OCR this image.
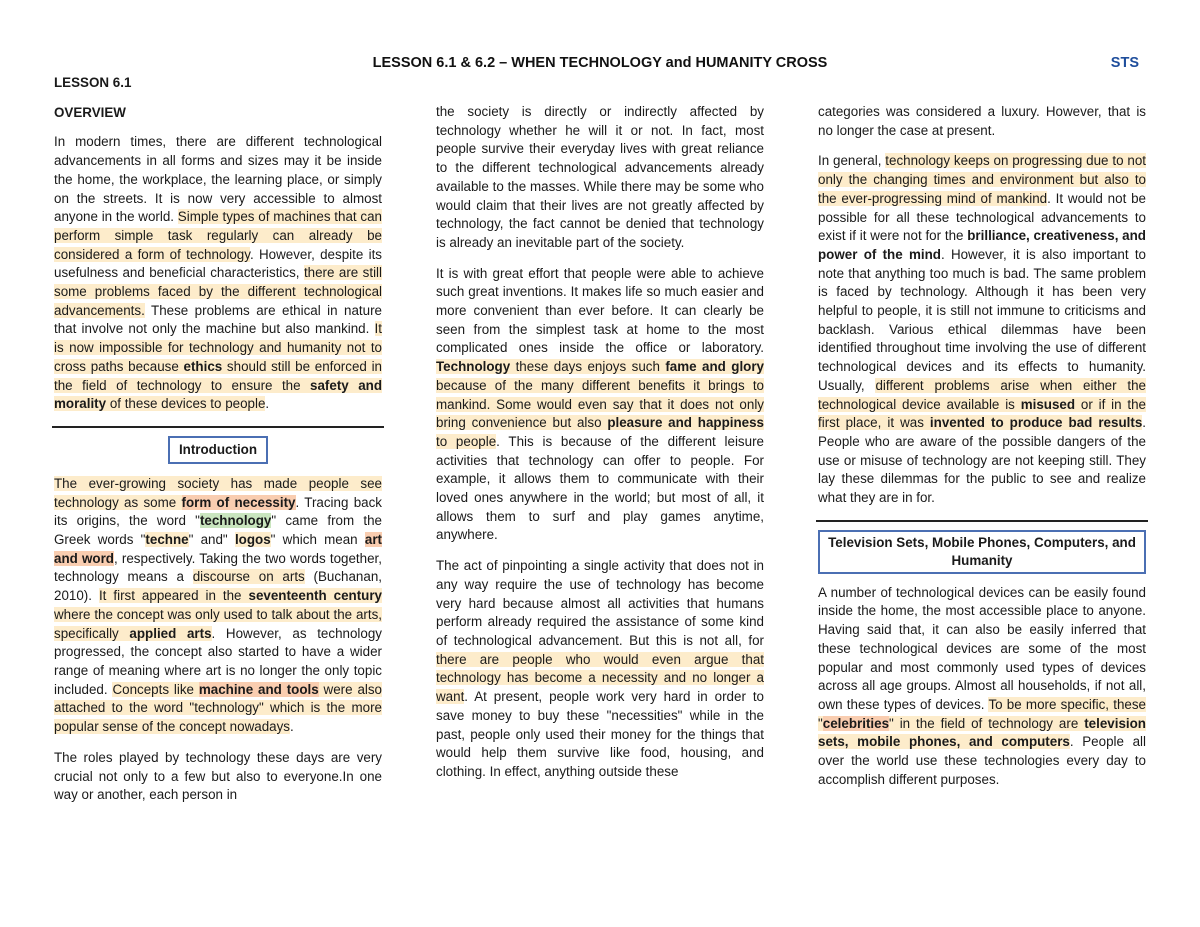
LESSON 6.1 & 6.2 – WHEN TECHNOLOGY and HUMANITY CROSS	STS
LESSON 6.1
OVERVIEW

In modern times, there are different technological advancements in all forms and sizes may it be inside the home, the workplace, the learning place, or simply on the streets. It is now very accessible to almost anyone in the world. Simple types of machines that can perform simple task regularly can already be considered a form of technology. However, despite its usefulness and beneficial characteristics, there are still some problems faced by the different technological advancements. These problems are ethical in nature that involve not only the machine but also mankind. It is now impossible for technology and humanity not to cross paths because ethics should still be enforced in the field of technology to ensure the safety and morality of these devices to people.

Introduction

The ever-growing society has made people see technology as some form of necessity. Tracing back its origins, the word "technology" came from the Greek words "techne" and" logos" which mean art and word, respectively. Taking the two words together, technology means a discourse on arts (Buchanan, 2010). It first appeared in the seventeenth century where the concept was only used to talk about the arts, specifically applied arts. However, as technology progressed, the concept also started to have a wider range of meaning where art is no longer the only topic included. Concepts like machine and tools were also attached to the word "technology" which is the more popular sense of the concept nowadays.

The roles played by technology these days are very crucial not only to a few but also to everyone.In one way or another, each person in

the society is directly or indirectly affected by technology whether he will it or not. In fact, most people survive their everyday lives with great reliance to the different technological advancements already available to the masses. While there may be some who would claim that their lives are not greatly affected by technology, the fact cannot be denied that technology is already an inevitable part of the society.

It is with great effort that people were able to achieve such great inventions. It makes life so much easier and more convenient than ever before. It can clearly be seen from the simplest task at home to the most complicated ones inside the office or laboratory. Technology these days enjoys such fame and glory because of the many different benefits it brings to mankind. Some would even say that it does not only bring convenience but also pleasure and happiness to people. This is because of the different leisure activities that technology can offer to people. For example, it allows them to communicate with their loved ones anywhere in the world; but most of all, it allows them to surf and play games anytime, anywhere.

The act of pinpointing a single activity that does not in any way require the use of technology has become very hard because almost all activities that humans perform already required the assistance of some kind of technological advancement. But this is not all, for there are people who would even argue that technology has become a necessity and no longer a want. At present, people work very hard in order to save money to buy these "necessities" while in the past, people only used their money for the things that would help them survive like food, housing, and clothing. In effect, anything outside these

categories was considered a luxury. However, that is no longer the case at present.

In general, technology keeps on progressing due to not only the changing times and environment but also to the ever-progressing mind of mankind. It would not be possible for all these technological advancements to exist if it were not for the brilliance, creativeness, and power of the mind. However, it is also important to note that anything too much is bad. The same problem is faced by technology. Although it has been very helpful to people, it is still not immune to criticisms and backlash. Various ethical dilemmas have been identified throughout time involving the use of different technological devices and its effects to humanity. Usually, different problems arise when either the technological device available is misused or if in the first place, it was invented to produce bad results. People who are aware of the possible dangers of the use or misuse of technology are not keeping still. They lay these dilemmas for the public to see and realize what they are in for.

Television Sets, Mobile Phones, Computers, and Humanity

A number of technological devices can be easily found inside the home, the most accessible place to anyone. Having said that, it can also be easily inferred that these technological devices are some of the most popular and most commonly used types of devices across all age groups. Almost all households, if not all, own these types of devices. To be more specific, these "celebrities" in the field of technology are television sets, mobile phones, and computers. People all over the world use these technologies every day to accomplish different purposes.
